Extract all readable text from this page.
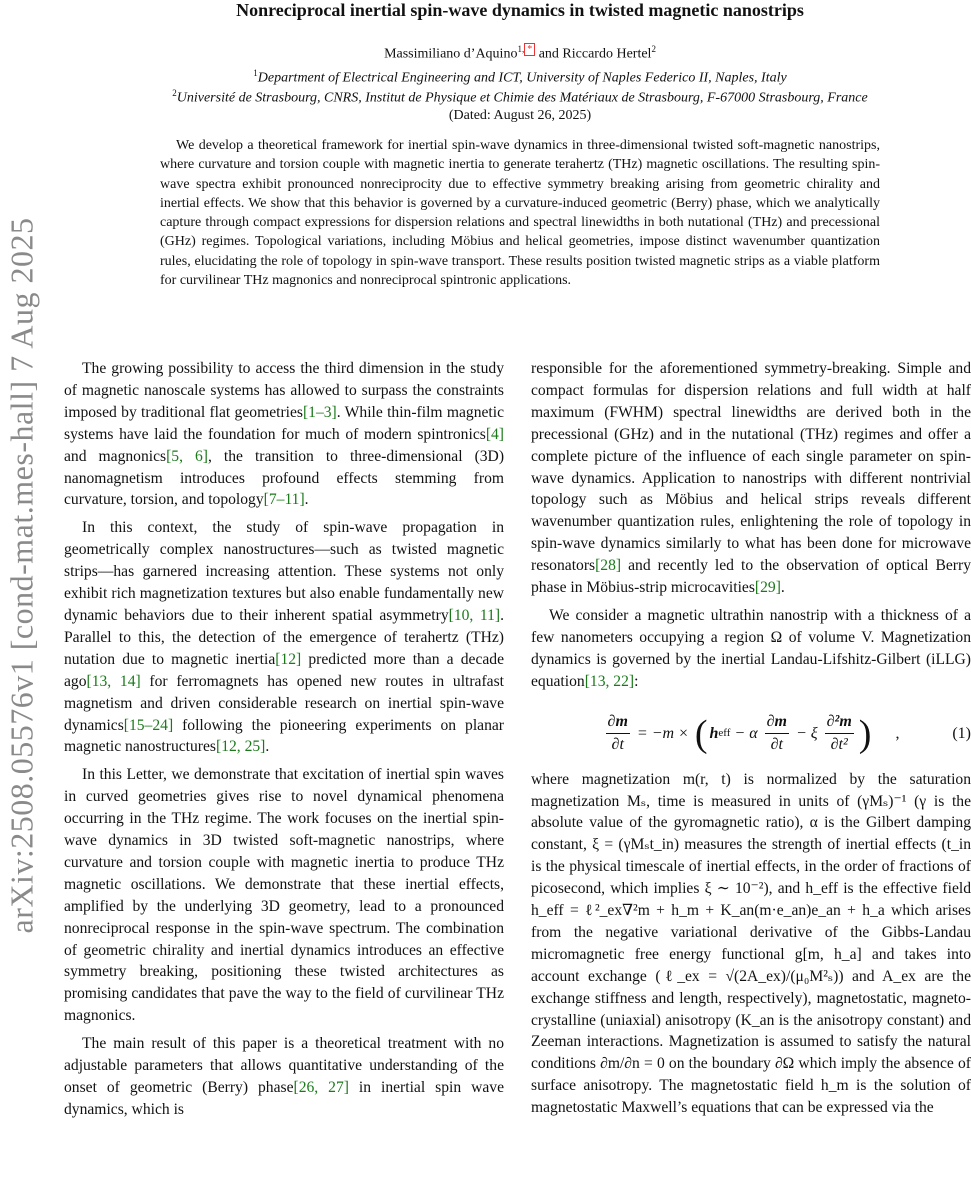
arXiv:2508.05576v1 [cond-mat.mes-hall] 7 Aug 2025
Nonreciprocal inertial spin-wave dynamics in twisted magnetic nanostrips
Massimiliano d’Aquino$^{1,}$ * and Riccardo Hertel$^2$
$^1$Department of Electrical Engineering and ICT, University of Naples Federico II, Naples, Italy
$^2$Université de Strasbourg, CNRS, Institut de Physique et Chimie des Matériaux de Strasbourg, F-67000 Strasbourg, France
(Dated: August 26, 2025)
We develop a theoretical framework for inertial spin-wave dynamics in three-dimensional twisted soft-magnetic nanostrips, where curvature and torsion couple with magnetic inertia to generate terahertz (THz) magnetic oscillations. The resulting spin-wave spectra exhibit pronounced nonreciprocity due to effective symmetry breaking arising from geometric chirality and inertial effects. We show that this behavior is governed by a curvature-induced geometric (Berry) phase, which we analytically capture through compact expressions for dispersion relations and spectral linewidths in both nutational (THz) and precessional (GHz) regimes. Topological variations, including Möbius and helical geometries, impose distinct wavenumber quantization rules, elucidating the role of topology in spin-wave transport. These results position twisted magnetic strips as a viable platform for curvilinear THz magnonics and nonreciprocal spintronic applications.

The growing possibility to access the third dimension in the study of magnetic nanoscale systems has allowed to surpass the constraints imposed by traditional flat geometries[1–3]. While thin-film magnetic systems have laid the foundation for much of modern spintronics[4] and magnonics[5, 6], the transition to three-dimensional (3D) nanomagnetism introduces profound effects stemming from curvature, torsion, and topology[7–11].

In this context, the study of spin-wave propagation in geometrically complex nanostructures—such as twisted magnetic strips—has garnered increasing attention. These systems not only exhibit rich magnetization textures but also enable fundamentally new dynamic behaviors due to their inherent spatial asymmetry[10, 11]. Parallel to this, the detection of the emergence of terahertz (THz) nutation due to magnetic inertia[12] predicted more than a decade ago[13, 14] for ferromagnets has opened new routes in ultrafast magnetism and driven considerable research on inertial spin-wave dynamics[15–24] following the pioneering experiments on planar magnetic nanostructures[12, 25].

In this Letter, we demonstrate that excitation of inertial spin waves in curved geometries gives rise to novel dynamical phenomena occurring in the THz regime. The work focuses on the inertial spin-wave dynamics in 3D twisted soft-magnetic nanostrips, where curvature and torsion couple with magnetic inertia to produce THz magnetic oscillations. We demonstrate that these inertial effects, amplified by the underlying 3D geometry, lead to a pronounced nonreciprocal response in the spin-wave spectrum. The combination of geometric chirality and inertial dynamics introduces an effective symmetry breaking, positioning these twisted architectures as promising candidates that pave the way to the field of curvilinear THz magnonics.

The main result of this paper is a theoretical treatment with no adjustable parameters that allows quantitative understanding of the onset of geometric (Berry) phase[26, 27] in inertial spin wave dynamics, which is

responsible for the aforementioned symmetry-breaking. Simple and compact formulas for dispersion relations and full width at half maximum (FWHM) spectral linewidths are derived both in the precessional (GHz) and in the nutational (THz) regimes and offer a complete picture of the influence of each single parameter on spin-wave dynamics. Application to nanostrips with different nontrivial topology such as Möbius and helical strips reveals different wavenumber quantization rules, enlightening the role of topology in spin-wave dynamics similarly to what has been done for microwave resonators[28] and recently led to the observation of optical Berry phase in Möbius-strip microcavities[29].

We consider a magnetic ultrathin nanostrip with a thickness of a few nanometers occupying a region Ω of volume V. Magnetization dynamics is governed by the inertial Landau-Lifshitz-Gilbert (iLLG) equation[13, 22]:

$\frac{\partial m}{\partial t} = -m$ × ( h eff − α $\frac{\partial m}{\partial t} - \xi \frac{\text{∂²m}}{\text{∂t²}}$ ) ,	(1)

where magnetization m(r, t) is normalized by the saturation magnetization Mₛ, time is measured in units of (γMₛ)⁻¹ (γ is the absolute value of the gyromagnetic ratio), α is the Gilbert damping constant, ξ = (γMₛt_in) measures the strength of inertial effects (t_in is the physical timescale of inertial effects, in the order of fractions of picosecond, which implies ξ ∼ 10⁻²), and h_eff is the effective field h_eff = ℓ²_ex∇²m + h_m + K_an(m·e_an)e_an + h_a which arises from the negative variational derivative of the Gibbs-Landau micromagnetic free energy functional g[m, h_a] and takes into account exchange (ℓ_ex = √(2A_ex)/(μ₀M²ₛ)) and A_ex are the exchange stiffness and length, respectively), magnetostatic, magneto-crystalline (uniaxial) anisotropy (K_an is the anisotropy constant) and Zeeman interactions. Magnetization is assumed to satisfy the natural conditions ∂m/∂n = 0 on the boundary ∂Ω which imply the absence of surface anisotropy. The magnetostatic field h_m is the solution of magnetostatic Maxwell’s equations that can be expressed via the
